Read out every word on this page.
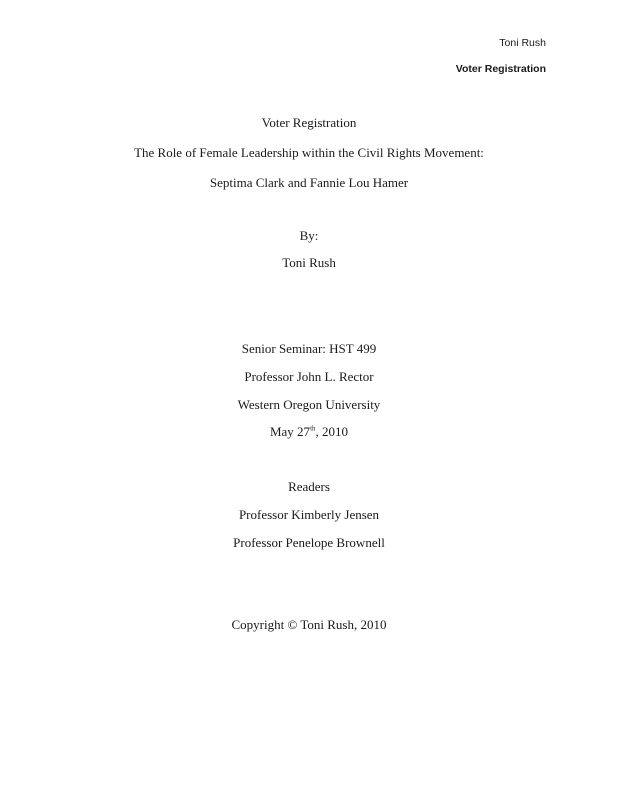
Toni Rush
Voter Registration
Voter Registration
The Role of Female Leadership within the Civil Rights Movement:
Septima Clark and Fannie Lou Hamer
By:
Toni Rush
Senior Seminar: HST 499
Professor John L. Rector
Western Oregon University
May 27th, 2010
Readers
Professor Kimberly Jensen
Professor Penelope Brownell
Copyright © Toni Rush, 2010
